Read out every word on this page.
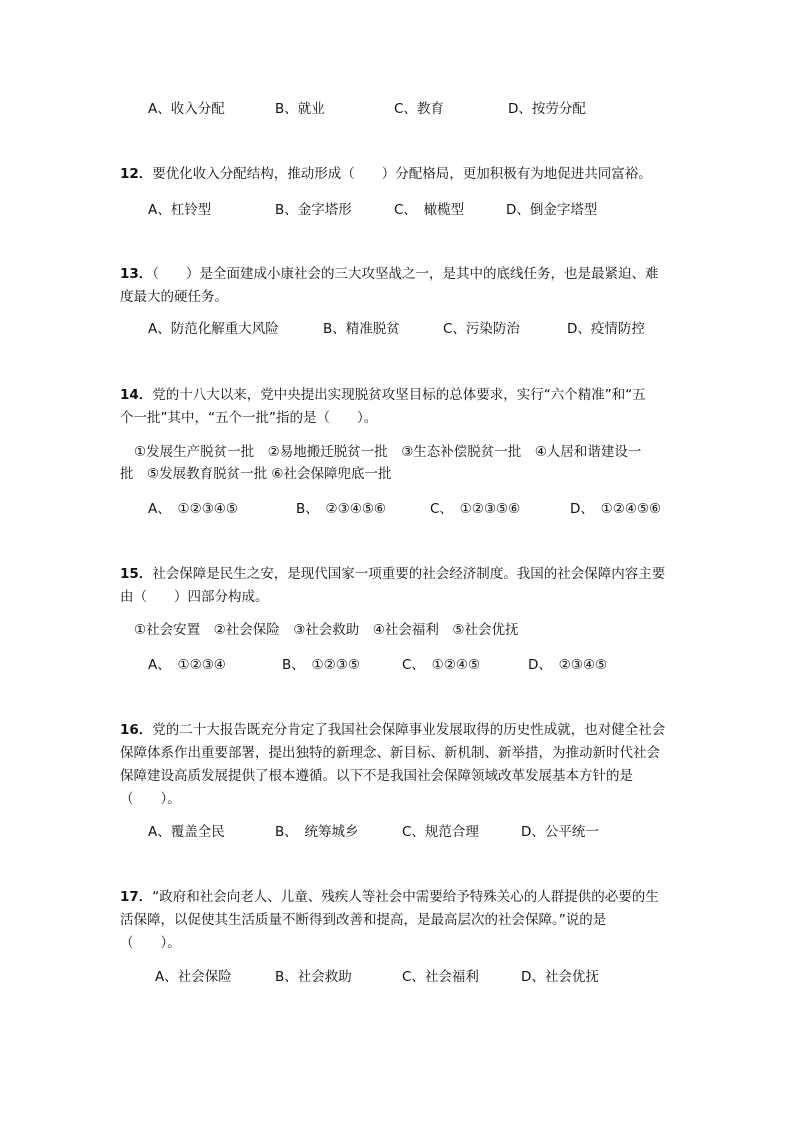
A、收入分配	B、就业	C、教育	D、按劳分配
12．要优化收入分配结构，推动形成（　　）分配格局，更加积极有为地促进共同富裕。
A、杠铃型	B、金字塔形	C、　橄榄型	D、倒金字塔型
13．（　　）是全面建成小康社会的三大攻坚战之一，是其中的底线任务，也是最紧迫、难
度最大的硬任务。
A、防范化解重大风险	B、精准脱贫	C、污染防治	D、疫情防控
14．党的十八大以来，党中央提出实现脱贫攻坚目标的总体要求，实行“六个精准”和“五
个一批”其中，“五个一批”指的是（　　）。
①发展生产脱贫一批　②易地搬迁脱贫一批　③生态补偿脱贫一批　④人居和谐建设一
批　⑤发展教育脱贫一批 ⑥社会保障兜底一批
A、　①②③④⑤	B、　②③④⑤⑥	C、　①②③⑤⑥	D、　①②④⑤⑥
15．社会保障是民生之安，是现代国家一项重要的社会经济制度。我国的社会保障内容主要
由（　　）四部分构成。
①社会安置　②社会保险　③社会救助　④社会福利　⑤社会优抚
A、　①②③④	B、　①②③⑤	C、　①②④⑤	D、　②③④⑤
16．党的二十大报告既充分肯定了我国社会保障事业发展取得的历史性成就，也对健全社会
保障体系作出重要部署，提出独特的新理念、新目标、新机制、新举措，为推动新时代社会
保障建设高质发展提供了根本遵循。以下不是我国社会保障领域改革发展基本方针的是
（　　）。
A、覆盖全民	B、　统筹城乡	C、规范合理	D、公平统一
17．“政府和社会向老人、儿童、残疾人等社会中需要给予特殊关心的人群提供的必要的生
活保障，以促使其生活质量不断得到改善和提高，是最高层次的社会保障。”说的是
（　　）。
A、社会保险	B、社会救助	C、社会福利	D、社会优抚
